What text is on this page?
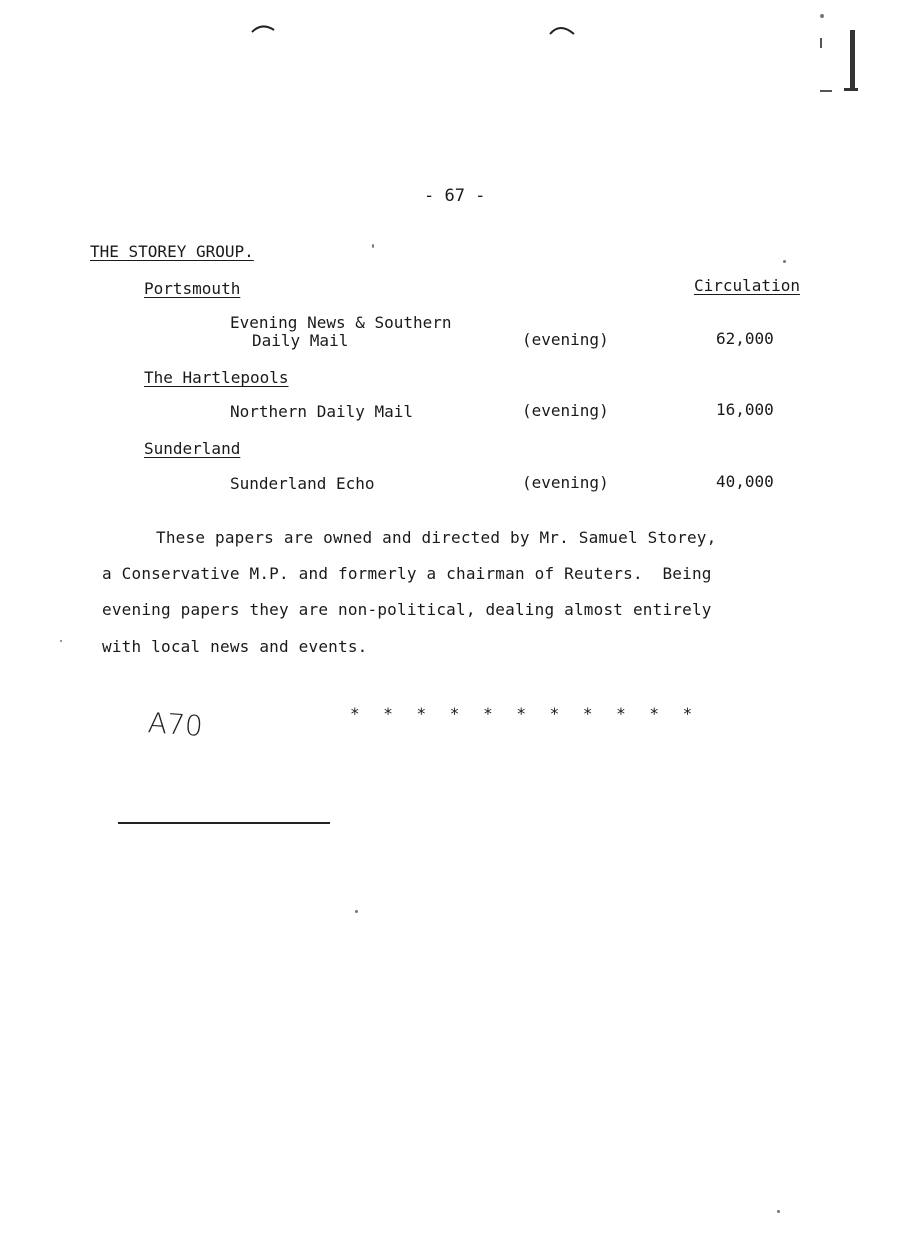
- 67 -
THE STOREY GROUP.
Circulation
Portsmouth
Evening News & Southern
Daily Mail	(evening)	62,000
The Hartlepools
Northern Daily Mail	(evening)	16,000
Sunderland
Sunderland Echo	(evening)	40,000
These papers are owned and directed by Mr. Samuel Storey,
a Conservative M.P. and formerly a chairman of Reuters.  Being
evening papers they are non-political, dealing almost entirely
with local news and events.
* * * * * * * * * * *
A70
